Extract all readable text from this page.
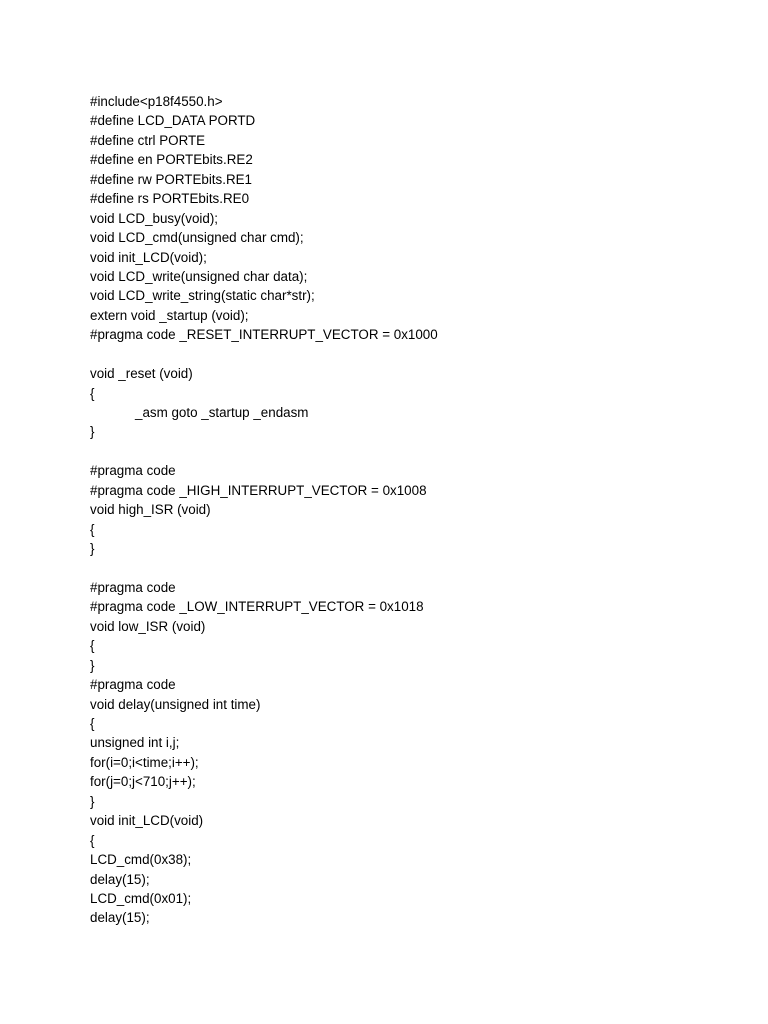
#include<p18f4550.h>
#define LCD_DATA PORTD
#define ctrl PORTE
#define en PORTEbits.RE2
#define rw PORTEbits.RE1
#define rs PORTEbits.RE0
void LCD_busy(void);
void LCD_cmd(unsigned char cmd);
void init_LCD(void);
void LCD_write(unsigned char data);
void LCD_write_string(static char*str);
extern void _startup (void);
#pragma code _RESET_INTERRUPT_VECTOR = 0x1000
void _reset (void)
{
_asm goto _startup _endasm
}
#pragma code
#pragma code _HIGH_INTERRUPT_VECTOR = 0x1008
void high_ISR (void)
{
}
#pragma code
#pragma code _LOW_INTERRUPT_VECTOR = 0x1018
void low_ISR (void)
{
}
#pragma code
void delay(unsigned int time)
{
unsigned int i,j;
for(i=0;i<time;i++);
for(j=0;j<710;j++);
}
void init_LCD(void)
{
LCD_cmd(0x38);
delay(15);
LCD_cmd(0x01);
delay(15);
